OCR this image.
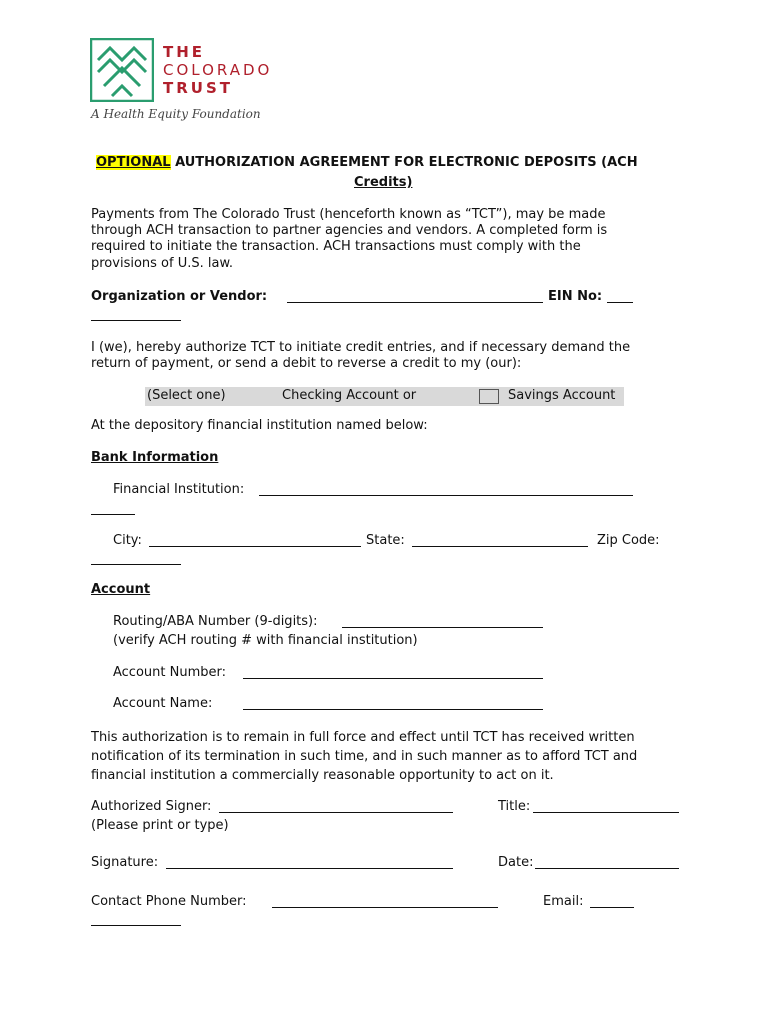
THE
COLORADO
TRUST
A Health Equity Foundation
OPTIONAL AUTHORIZATION AGREEMENT FOR ELECTRONIC DEPOSITS (ACH
Credits)
Payments from The Colorado Trust (henceforth known as “TCT”), may be made
through ACH transaction to partner agencies and vendors. A completed form is
required to initiate the transaction. ACH transactions must comply with the
provisions of U.S. law.
Organization or Vendor:	EIN No:
I (we), hereby authorize TCT to initiate credit entries, and if necessary demand the
return of payment, or send a debit to reverse a credit to my (our):
(Select one)	Checking Account or	Savings Account
At the depository financial institution named below:
Bank Information
Financial Institution:
City:	State:	Zip Code:
Account
Routing/ABA Number (9-digits):
(verify ACH routing # with financial institution)
Account Number:
Account Name:
This authorization is to remain in full force and effect until TCT has received written
notification of its termination in such time, and in such manner as to afford TCT and
financial institution a commercially reasonable opportunity to act on it.
Authorized Signer:	Title:
(Please print or type)
Signature:	Date:
Contact Phone Number:	Email:
